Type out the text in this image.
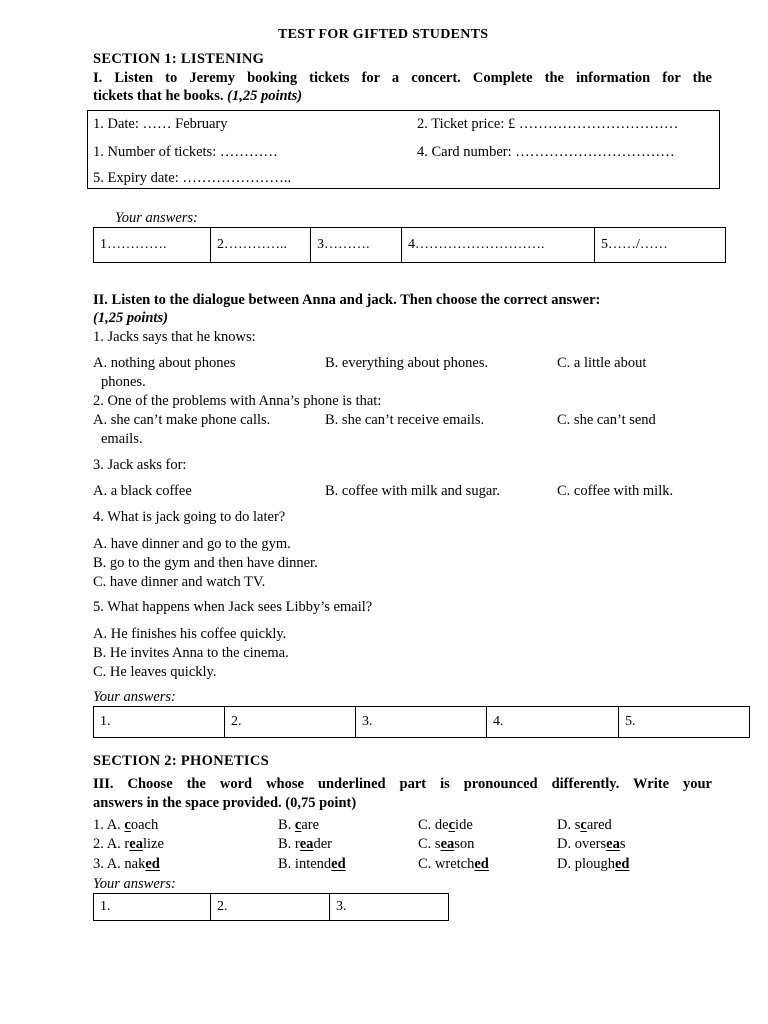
TEST FOR GIFTED STUDENTS
SECTION 1: LISTENING
I. Listen to Jeremy booking tickets for a concert. Complete the information for the
tickets that he books. (1,25 points)
1. Date: …… February	2. Ticket price: £ ……………………………
1. Number of tickets: …………	4. Card number: ……………………………
5. Expiry date: …………………..
Your answers:
1………….	2…………..	3……….	4……………………….	5……/……
II. Listen to the dialogue between Anna and jack. Then choose the correct answer:
(1,25 points)
1. Jacks says that he knows:
A. nothing about phones	B. everything about phones.	C. a little about
phones.
2. One of the problems with Anna’s phone is that:
A. she can’t make phone calls.	B. she can’t receive emails.	C. she can’t send
emails.
3. Jack asks for:
A. a black coffee	B. coffee with milk and sugar.	C. coffee with milk.
4. What is jack going to do later?
A. have dinner and go to the gym.
B. go to the gym and then have dinner.
C. have dinner and watch TV.
5. What happens when Jack sees Libby’s email?
A. He finishes his coffee quickly.
B. He invites Anna to the cinema.
C. He leaves quickly.
Your answers:
1.	2.	3.	4.	5.
SECTION 2: PHONETICS
III. Choose the word whose underlined part is pronounced differently. Write your
answers in the space provided. (0,75 point)
1. A. coach	B. care	C. decide	D. scared
2. A. realize	B. reader	C. season	D. overseas
3. A. naked	B. intended	C. wretched	D. ploughed
Your answers:
1.	2.	3.
